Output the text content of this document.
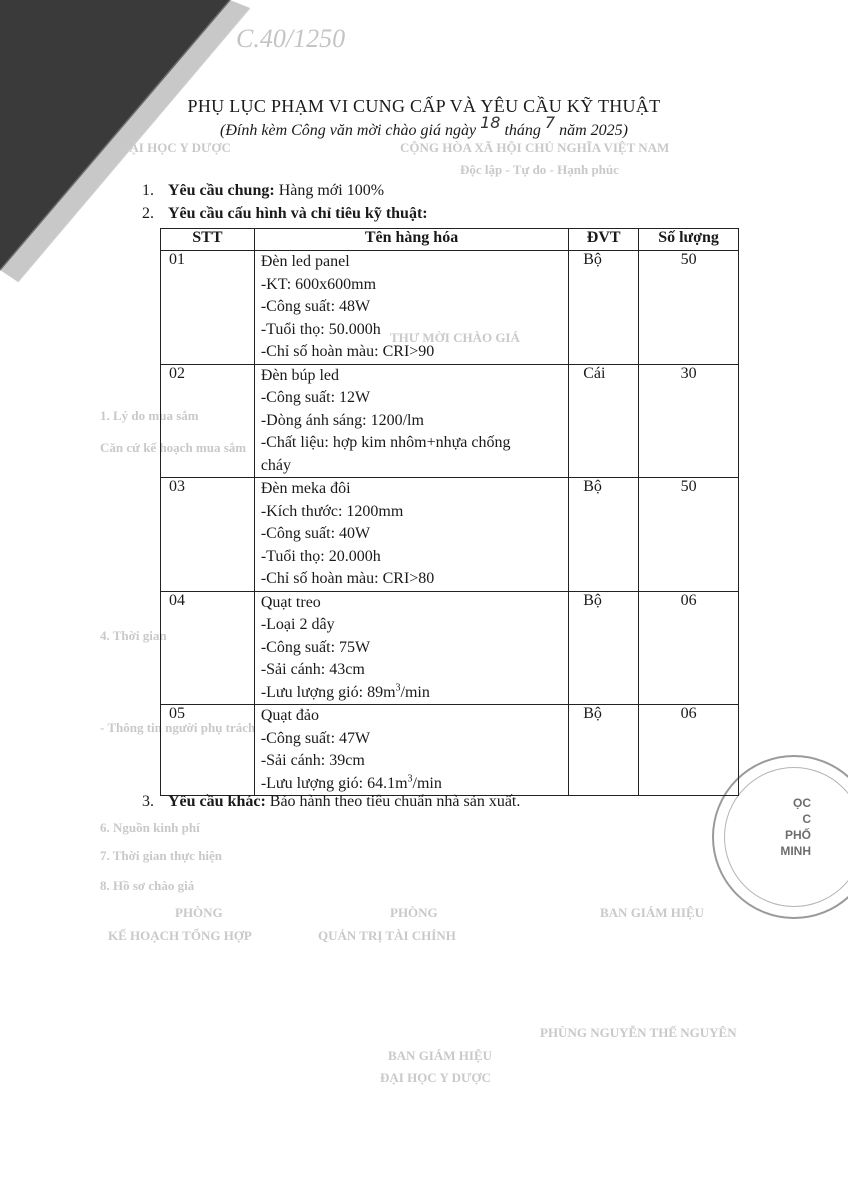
ĐẠI HỌC Y DƯỢC	CỘNG HÒA XÃ HỘI CHỦ NGHĨA VIỆT NAM
Độc lập - Tự do - Hạnh phúc
THƯ MỜI CHÀO GIÁ
1. Lý do mua sắm
Căn cứ kế hoạch mua sắm
4. Thời gian
- Thông tin người phụ trách
6. Nguồn kinh phí
7. Thời gian thực hiện
8. Hồ sơ chào giá
PHÒNG	PHÒNG	BAN GIÁM HIỆU
KẾ HOẠCH TỔNG HỢP	QUẢN TRỊ TÀI CHÍNH
PHÙNG NGUYỄN THẾ NGUYÊN
BAN GIÁM HIỆU
ĐẠI HỌC Y DƯỢC
C.40/1250
ỌC
C
PHỐ
MINH
PHỤ LỤC PHẠM VI CUNG CẤP VÀ YÊU CẦU KỸ THUẬT
(Đính kèm Công văn mời chào giá ngày 18 tháng 7 năm 2025)
1. Yêu cầu chung: Hàng mới 100%
2. Yêu cầu cấu hình và chỉ tiêu kỹ thuật:
STT	Tên hàng hóa	ĐVT	Số lượng
01	Đèn led panel
-KT: 600x600mm
-Công suất: 48W
-Tuổi thọ: 50.000h
-Chỉ số hoàn màu: CRI>90	Bộ	50
02	Đèn búp led
-Công suất: 12W
-Dòng ánh sáng: 1200/lm
-Chất liệu: hợp kim nhôm+nhựa chống
cháy	Cái	30
03	Đèn meka đôi
-Kích thước: 1200mm
-Công suất: 40W
-Tuổi thọ: 20.000h
-Chỉ số hoàn màu: CRI>80	Bộ	50
04	Quạt treo
-Loại 2 dây
-Công suất: 75W
-Sải cánh: 43cm
-Lưu lượng gió: $89m^3/\min$	Bộ	06
05	Quạt đảo
-Công suất: 47W
-Sải cánh: 39cm
-Lưu lượng gió: $64.1m^3/\min$	Bộ	06
3. Yêu cầu khác: Bảo hành theo tiêu chuẩn nhà sản xuất.
